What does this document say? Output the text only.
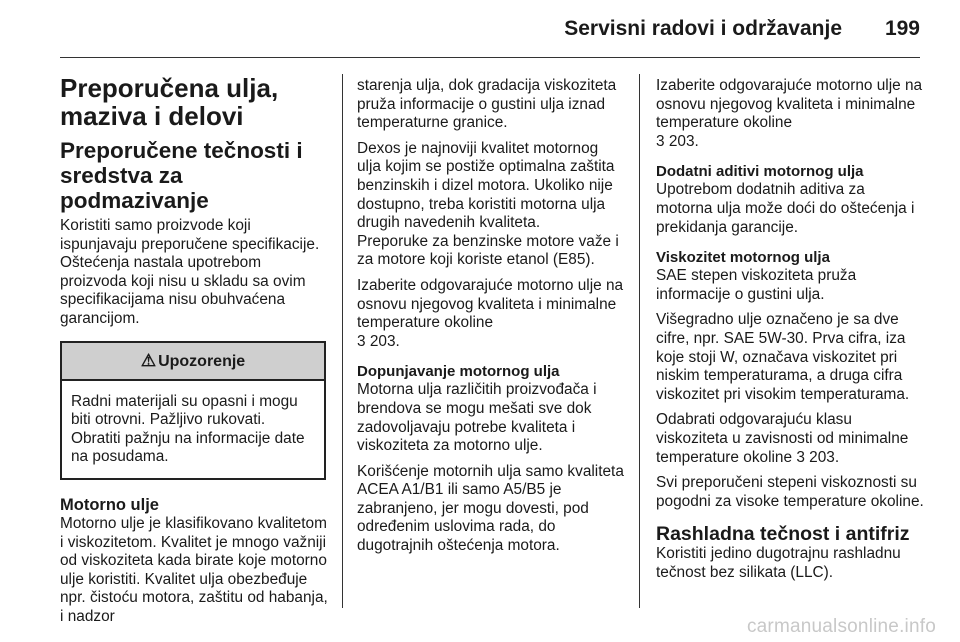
Servisni radovi i održavanje 199
Preporučena ulja, maziva i delovi
Preporučene tečnosti i sredstva za podmazivanje

Koristiti samo proizvode koji ispunjavaju preporučene specifikacije. Oštećenja nastala upotrebom proizvoda koji nisu u skladu sa ovim specifikacijama nisu obuhvaćena garancijom.

⚠ Upozorenje
Radni materijali su opasni i mogu biti otrovni. Pažljivo rukovati. Obratiti pažnju na informacije date na posudama.
Motorno ulje

Motorno ulje je klasifikovano kvalitetom i viskozitetom. Kvalitet je mnogo važniji od viskoziteta kada birate koje motorno ulje koristiti. Kvalitet ulja obezbeđuje npr. čistoću motora, zaštitu od habanja, i nadzor

starenja ulja, dok gradacija viskoziteta pruža informacije o gustini ulja iznad temperaturne granice.

Dexos je najnoviji kvalitet motornog ulja kojim se postiže optimalna zaštita benzinskih i dizel motora. Ukoliko nije dostupno, treba koristiti motorna ulja drugih navedenih kvaliteta.

Preporuke za benzinske motore važe i za motore koji koriste etanol (E85).

Izaberite odgovarajuće motorno ulje na osnovu njegovog kvaliteta i minimalne temperature okoline
3 203.

Dopunjavanje motornog ulja

Motorna ulja različitih proizvođača i brendova se mogu mešati sve dok zadovoljavaju potrebe kvaliteta i viskoziteta za motorno ulje.

Korišćenje motornih ulja samo kvaliteta ACEA A1/B1 ili samo A5/B5 je zabranjeno, jer mogu dovesti, pod određenim uslovima rada, do dugotrajnih oštećenja motora.

Izaberite odgovarajuće motorno ulje na osnovu njegovog kvaliteta i minimalne temperature okoline
3 203.

Dodatni aditivi motornog ulja

Upotrebom dodatnih aditiva za motorna ulja može doći do oštećenja i prekidanja garancije.

Viskozitet motornog ulja

SAE stepen viskoziteta pruža informacije o gustini ulja.

Višegradno ulje označeno je sa dve cifre, npr. SAE 5W-30. Prva cifra, iza koje stoji W, označava viskozitet pri niskim temperaturama, a druga cifra viskozitet pri visokim temperaturama.

Odabrati odgovarajuću klasu viskoziteta u zavisnosti od minimalne temperature okoline 3 203.

Svi preporučeni stepeni viskoznosti su pogodni za visoke temperature okoline.

Rashladna tečnost i antifriz

Koristiti jedino dugotrajnu rashladnu tečnost bez silikata (LLC).

carmanualsonline.info
